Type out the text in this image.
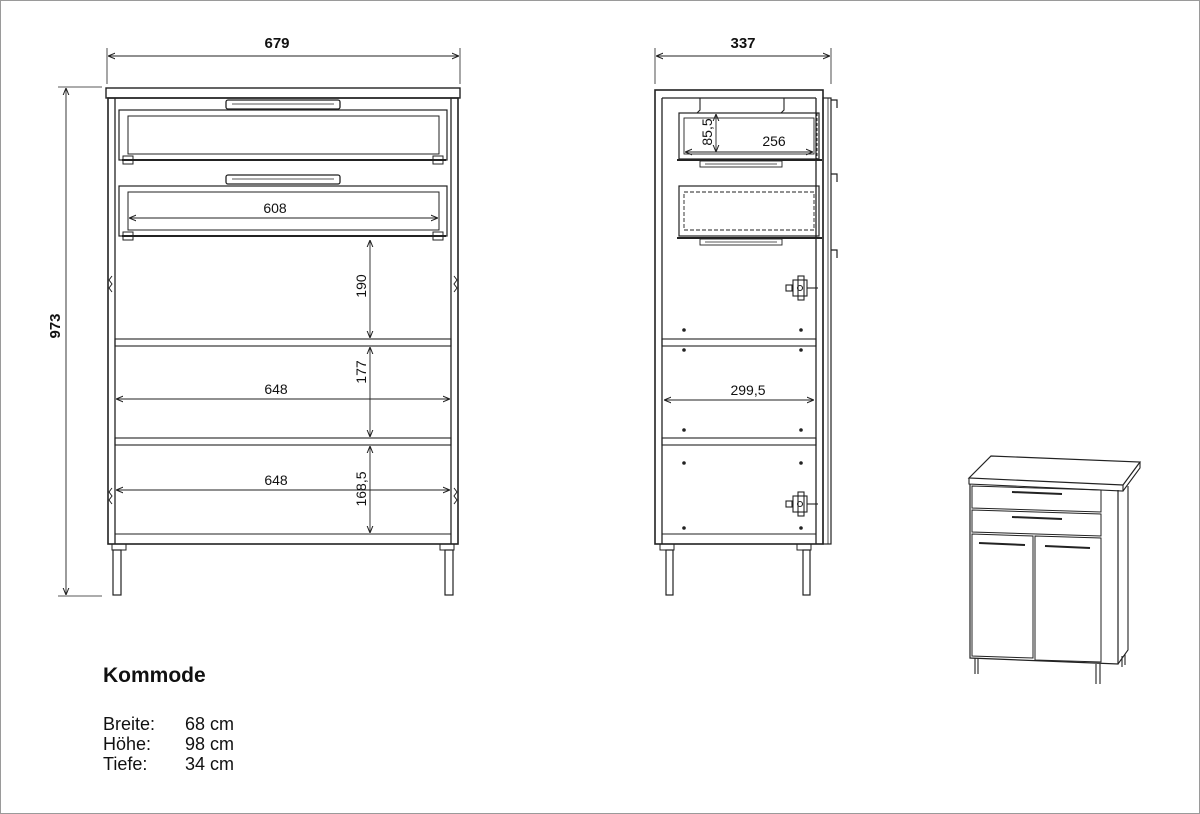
679
973
608
190
177
168,5
648
648
337
85,5	256
299,5
Kommode
Breite: 68 cm
Höhe: 98 cm
Tiefe: 34 cm
